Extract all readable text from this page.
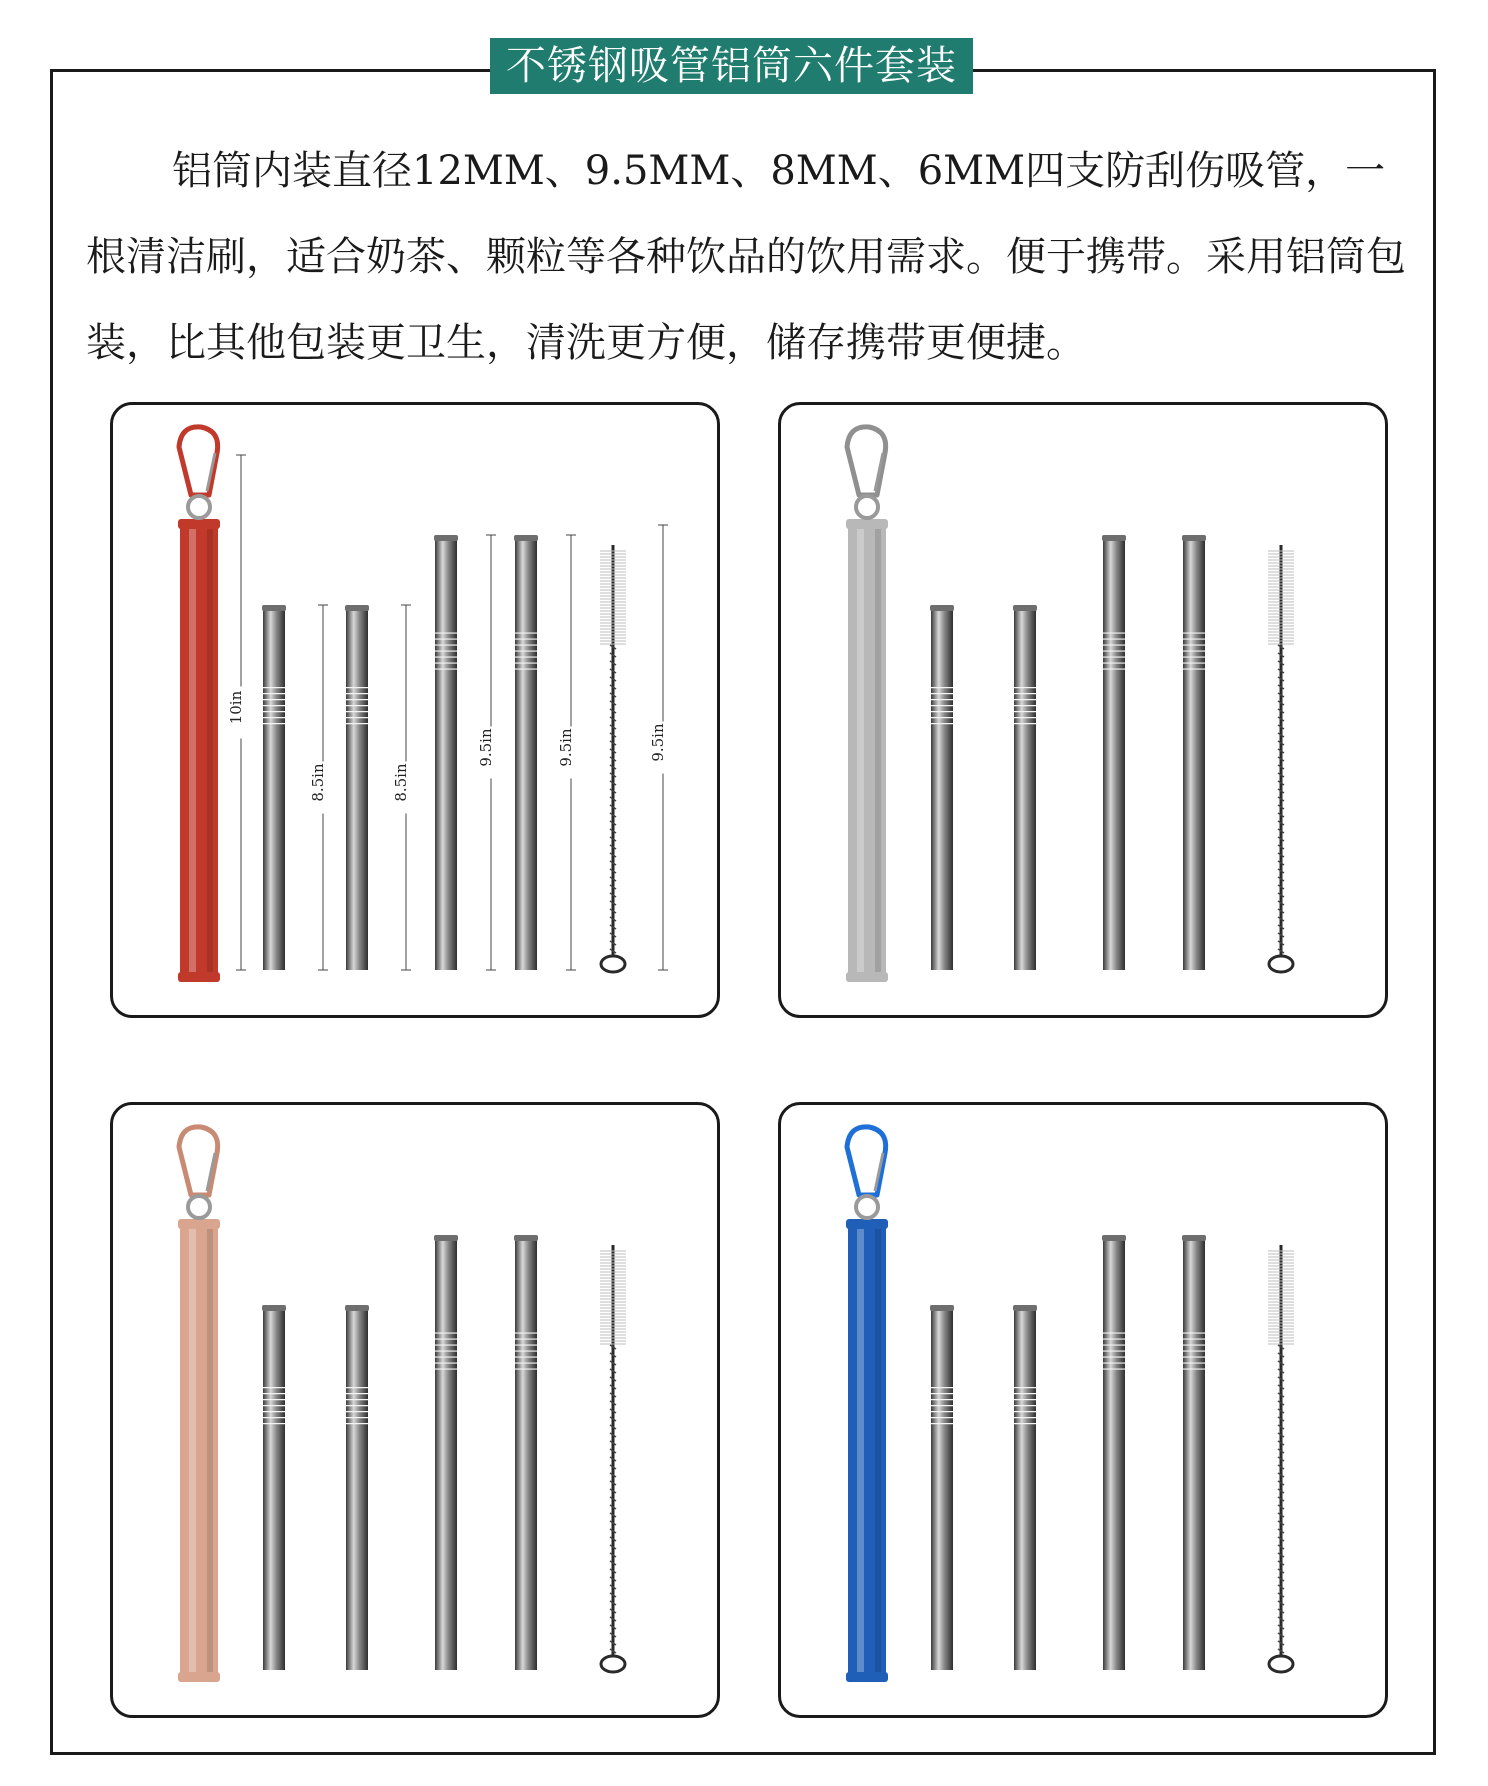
不锈钢吸管铝筒六件套装

铝筒内装直径12MM、9.5MM、8MM、6MM四支防刮伤吸管，一根清洁刷，适合奶茶、颗粒等各种饮品的饮用需求。便于携带。采用铝筒包装，比其他包装更卫生，清洗更方便，储存携带更便捷。

10in
8.5in	8.5in
9.5in	9.5in	9.5in
